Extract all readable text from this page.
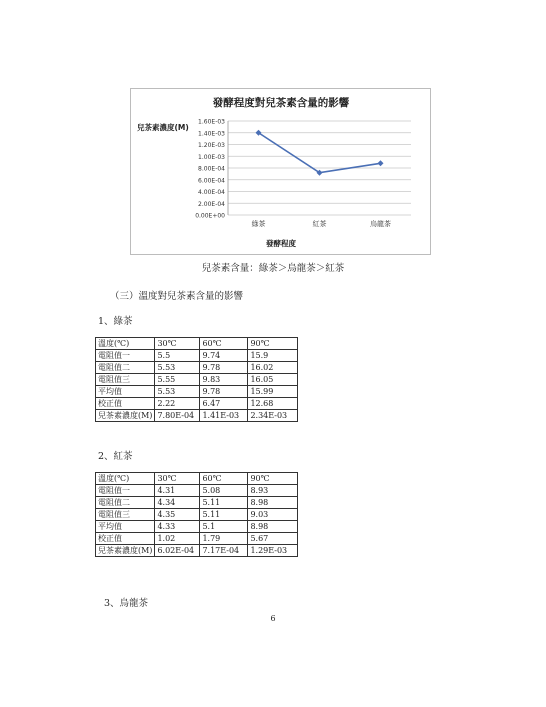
發酵程度對兒茶素含量的影響
兒茶素濃度(M)
0.00E+00
2.00E-04
4.00E-04
6.00E-04
8.00E-04
1.00E-03
1.20E-03
1.40E-03
1.60E-03
綠茶	紅茶	烏龍茶
發酵程度
兒茶素含量：綠茶＞烏龍茶＞紅茶
（三）溫度對兒茶素含量的影響
1、綠茶
溫度(℃)	30℃	60℃	90℃
電阻值一	5.5	9.74	15.9
電阻值二	5.53	9.78	16.02
電阻值三	5.55	9.83	16.05
平均值	5.53	9.78	15.99
校正值	2.22	6.47	12.68
兒茶素濃度(M)	7.80E-04	1.41E-03	2.34E-03
2、紅茶
溫度(℃)	30℃	60℃	90℃
電阻值一	4.31	5.08	8.93
電阻值二	4.34	5.11	8.98
電阻值三	4.35	5.11	9.03
平均值	4.33	5.1	8.98
校正值	1.02	1.79	5.67
兒茶素濃度(M)	6.02E-04	7.17E-04	1.29E-03
3、烏龍茶
6
